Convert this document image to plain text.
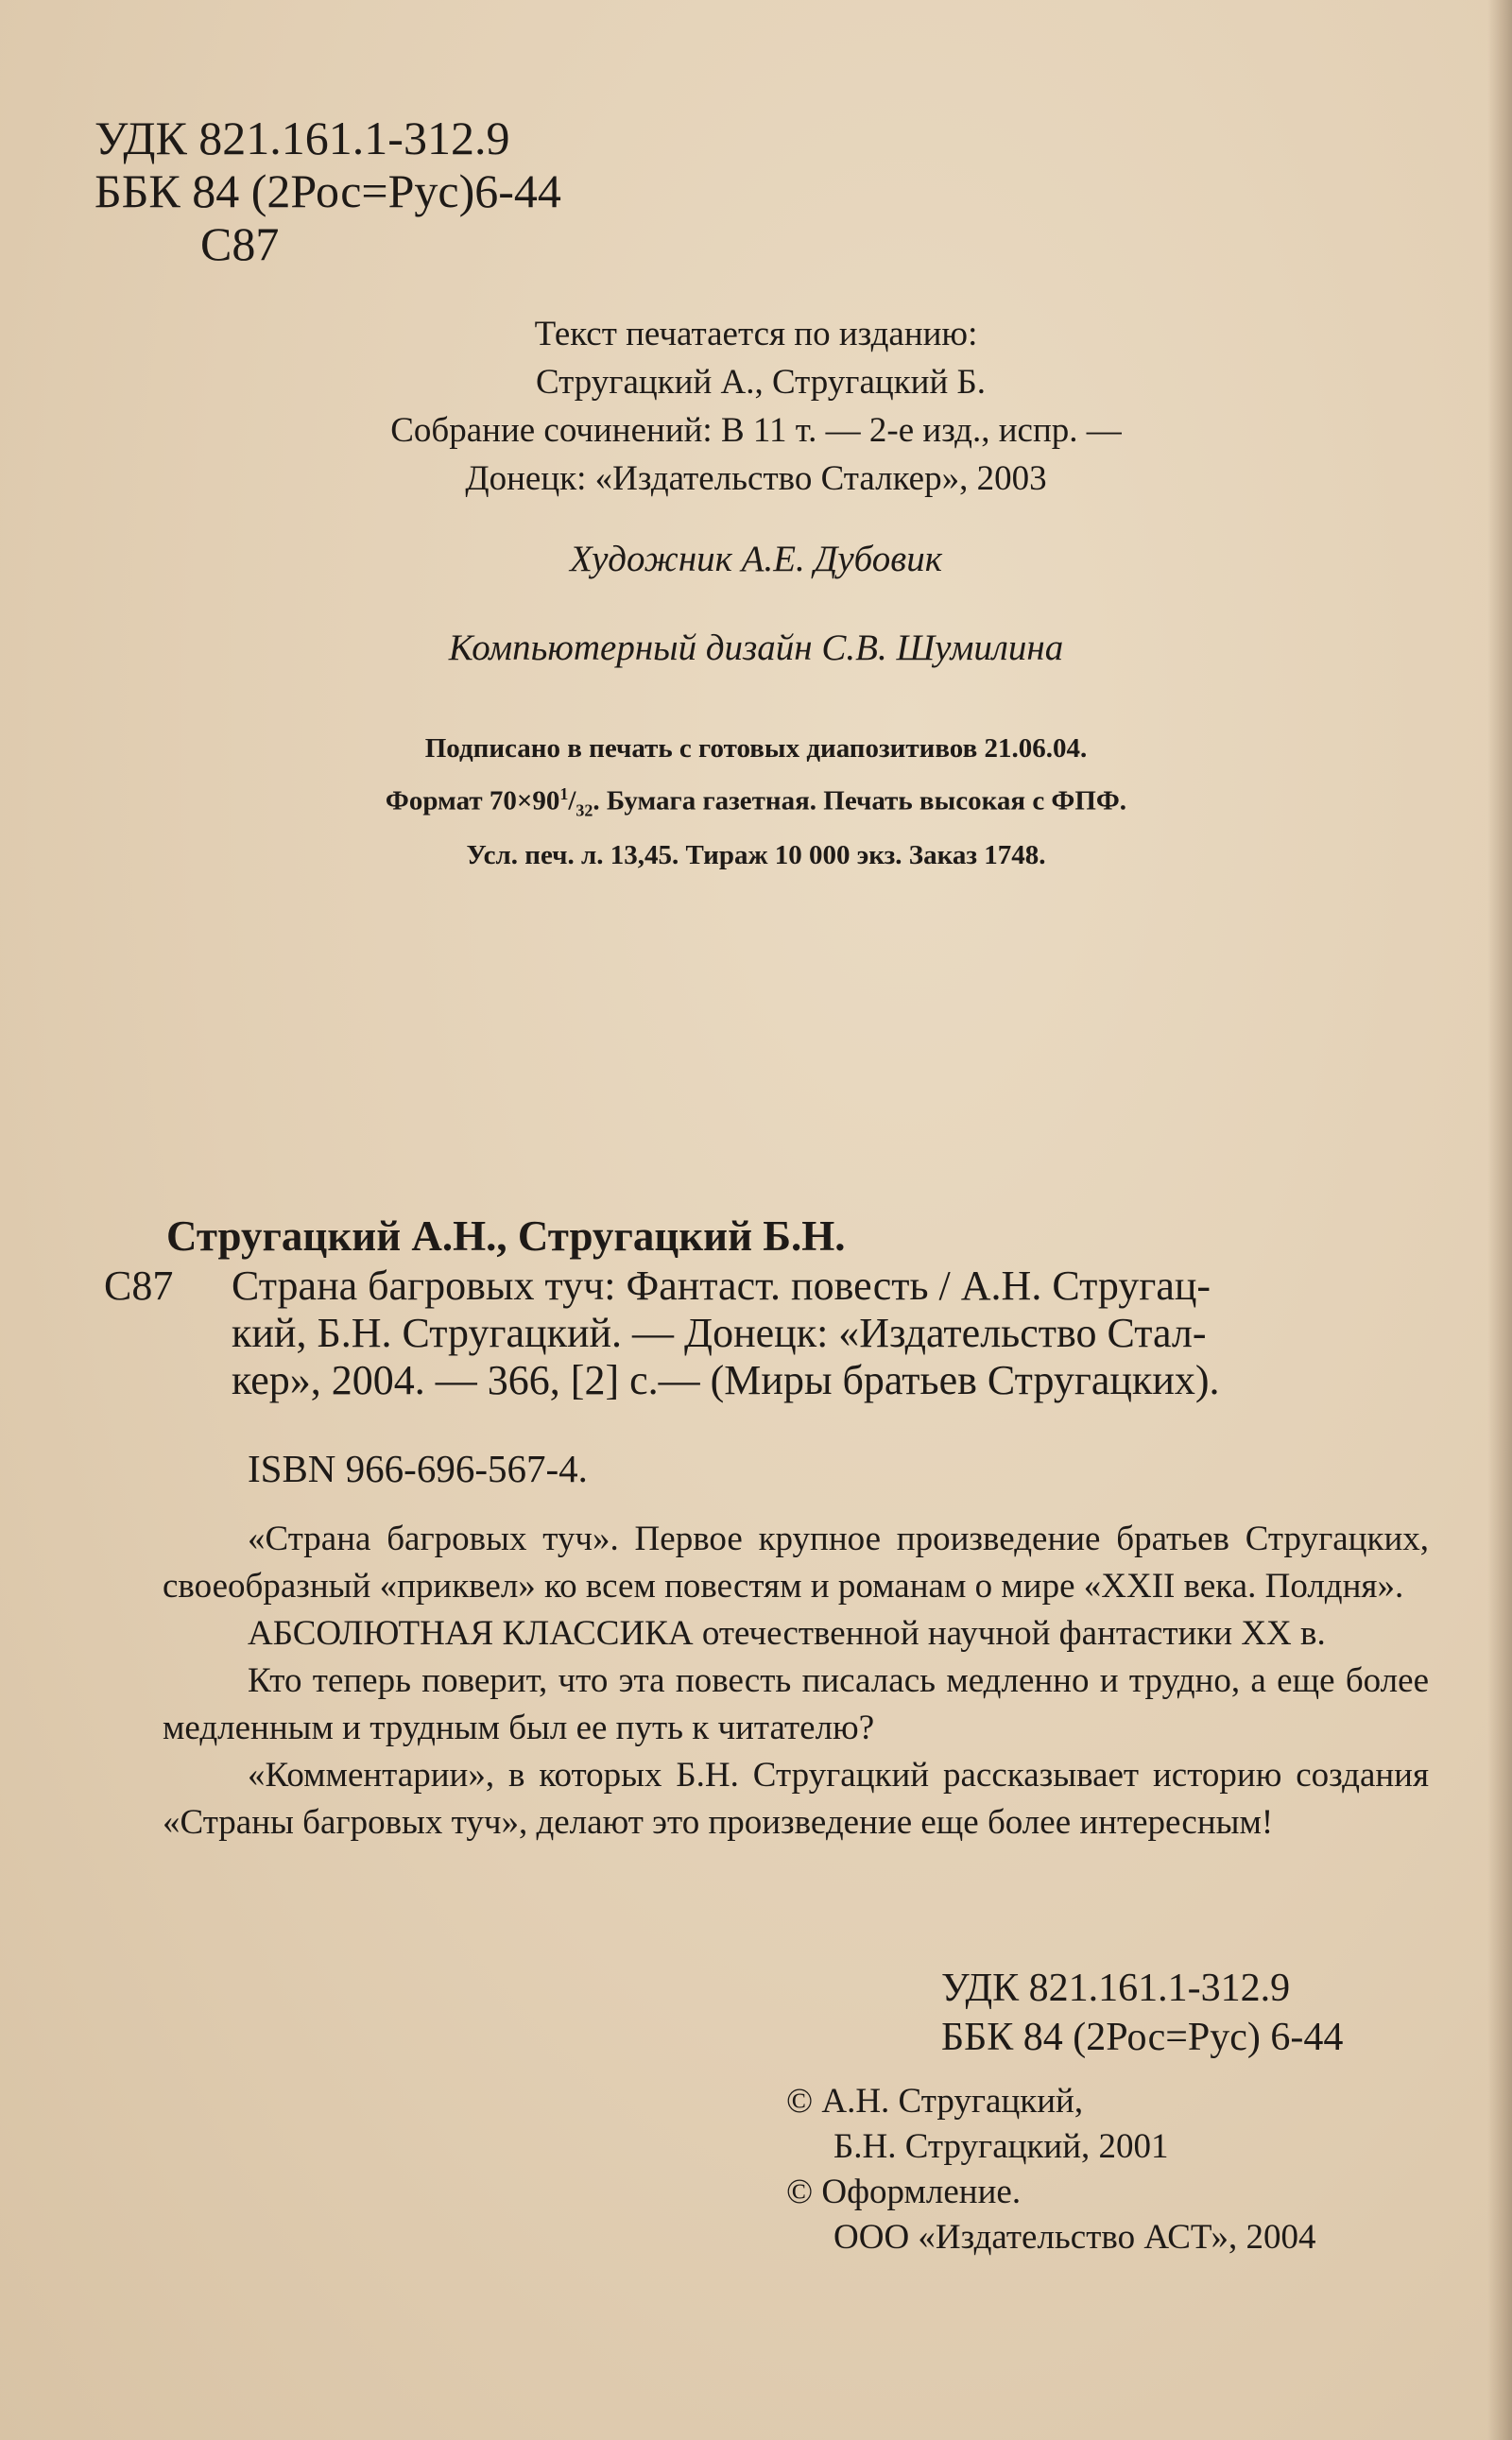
УДК 821.161.1-312.9
ББК 84 (2Рос=Рус)6-44
С87
Текст печатается по изданию:
Стругацкий А., Стругацкий Б.
Собрание сочинений: В 11 т. — 2-е изд., испр. —
Донецк: «Издательство Сталкер», 2003
Художник А.Е. Дубовик
Компьютерный дизайн С.В. Шумилина
Подписано в печать с готовых диапозитивов 21.06.04.
Формат $70\times 90^1/_{32}$. Бумага газетная. Печать высокая с ФПФ.
Усл. печ. л. 13,45. Тираж 10 000 экз. Заказ 1748.
Стругацкий А.Н., Стругацкий Б.Н.
С87	Страна багровых туч: Фантаст. повесть / А.Н. Стругац-
кий, Б.Н. Стругацкий. — Донецк: «Издательство Стал-
кер», 2004. — 366, [2] с.— (Миры братьев Стругацких).
ISBN 966-696-567-4.

«Страна багровых туч». Первое крупное произведение братьев Стругацких, своеобразный «приквел» ко всем повестям и романам о мире «XXII века. Полдня».

АБСОЛЮТНАЯ КЛАССИКА отечественной научной фантастики XX в.

Кто теперь поверит, что эта повесть писалась медленно и трудно, а еще более медленным и трудным был ее путь к читателю?

«Комментарии», в которых Б.Н. Стругацкий рассказывает историю создания «Страны багровых туч», делают это произведение еще более интересным!

УДК 821.161.1-312.9
ББК 84 (2Рос=Рус) 6-44
© А.Н. Стругацкий,
Б.Н. Стругацкий, 2001
© Оформление.
ООО «Издательство АСТ», 2004
